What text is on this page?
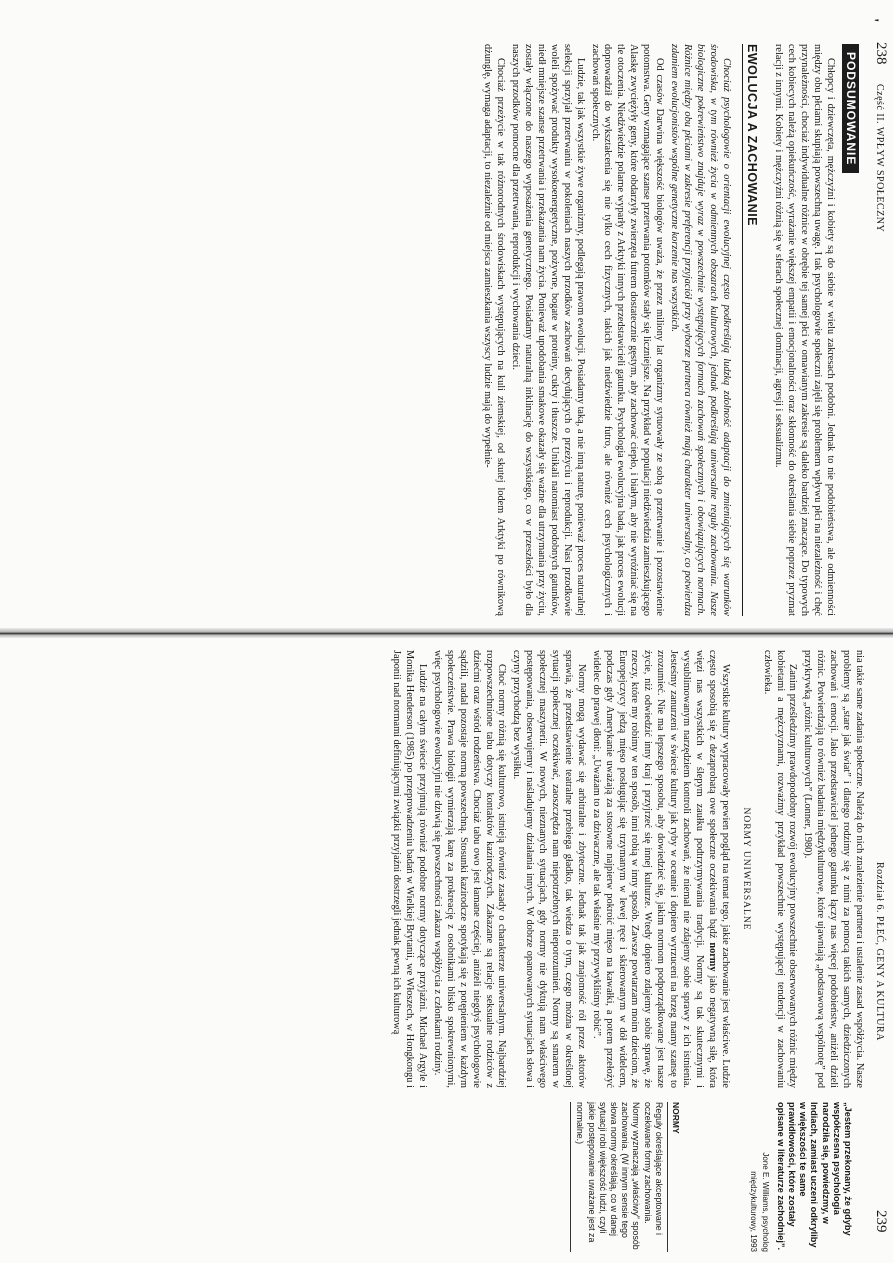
'
238
Część II. WPŁYW SPOŁECZNY
PODSUMOWANIE

Chłopcy i dziewczęta, mężczyźni i kobiety są do siebie w wielu zakresach podobni. Jednak to nie podobieństwa, ale odmienności między obu płciami skupiają powszechną uwagę. I tak psychologowie społeczni zajęli się problemem wpływu płci na niezależność i chęć przynależności, chociaż indywidualne różnice w obrębie tej samej płci w omawianym zakresie są daleko bardziej znaczące. Do typowych cech kobiecych należą opiekuńczość, wyrażanie większej empatii i emocjonalności oraz skłonność do określania siebie poprzez pryzmat relacji z innymi. Kobiety i mężczyźni różnią się w sferach społecznej dominacji, agresji i seksualizmu.

EWOLUCJA A ZACHOWANIE

Chociaż psychologowie o orientacji ewolucyjnej często podkreślają ludzką zdolność adaptacji do zmieniających się warunków środowiska, w tym również życia w odmiennych obszarach kulturowych, jednak podkreślają uniwersalne reguły zachowania. Nasze biologiczne pokrewieństwo znajduje wyraz w powszechnie występujących formach zachowań społecznych i obowiązujących normach. Różnice między obu płciami w zakresie preferencji przyjaciół przy wyborze partnera również mają charakter uniwersalny, co potwierdza zdaniem ewolucjonistów wspólne genetyczne korzenie nas wszystkich.

Od czasów Darwina większość biologów uważa, że przez miliony lat organizmy sytuowały ze sobą o przetrwanie i pozostawienie potomstwa. Geny wzmagające szanse przetrwania potomków stały się liczniejsze. Na przykład w populacji niedźwiedzia zamieszkującego Alaskę zwyciężyły geny, które obdarzyły zwierzęta futrem dostatecznie gęstym, aby zachować ciepło, i białym, aby nie wyróżniać się na tle otoczenia. Niedźwiedzie polarne wyparły z Arktyki innych przedstawicieli gatunku. Psychologia ewolucyjna bada, jak proces ewolucji doprowadził do wykształcenia się nie tylko cech fizycznych, takich jak niedźwiedzie futro, ale również cech psychologicznych i zachowań społecznych.

Ludzie, tak jak wszystkie żywe organizmy, podlegają prawom ewolucji. Posiadamy taką, a nie inną naturę, ponieważ proces naturalnej selekcji sprzyjał przetrwaniu w pokoleniach naszych przodków zachowań decydujących o przeżyciu i reprodukcji. Nasi przodkowie woleli spożywać produkty wysokoenergetyczne, pożywne, bogate w proteiny, cukry i tłuszcze. Unikali natomiast podobnych gatunków, niedł mniejsze szanse przetrwania i przekazania nam życia. Ponieważ upodobania smakowe okazały się ważne dla utrzymania przy życiu, zostały włączone do naszego wyposażenia genetycznego. Posiadamy naturalną inklinację do wszystkiego, co w przeszłości było dla naszych przodków pomocne dla przetrwania, reprodukcji i wychowania dzieci.

Chociaż przeżycie w tak różnorodnych środowiskach występujących na kuli ziemskiej, od skutej lodem Arktyki po równikową dżunglę, wymaga adaptacji, to niezależnie od miejsca zamieszkania wszyscy ludzie mają do wypełnie-

Rozdział 6. PŁEĆ, GENY A KULTURA
239

nia takie same zadania społeczne. Należą do nich znalezienie partnera i ustalenie zasad współżycia. Nasze problemy są „stare jak świat” i dlatego rodzimy się z nimi za pomocą takich samych, dziedziczonych zachowań i emocji. Jako przedstawiciel jednego gatunku łączy nas więcej podobieństw, aniżeli dzieli różnic. Potwierdzają to również badania międzykulturowe, które ujawniają „podstawową wspólnotę” pod przykrywką „różnic kulturowych” (Lonner, 1980).

Zanim prześledzimy prawdopodobny rozwój ewolucyjny powszechnie obserwowanych różnic między kobietami a mężczyznami, rozważmy przykład powszechnie występującej tendencji w zachowaniu człowieka.

NORMY UNIWERSALNE

Wszystkie kultury wypracowały pewien pogląd na temat tego, jakie zachowanie jest właściwe. Ludzie często sposobią się z dezaprobatą owe społeczne oczekiwania bądź normy jako negatywną siłę, która więzi nas wszystkich w ślepym zaułku podtrzymywania tradycji. Normy są tak skutecznymi i wysublimowanym narzędziem kontroli zachowań, że niemal nie zdajemy sobie sprawy z ich istnienia. Jesteśmy zanurzeni w świecie kultury jak ryby w oceanie i dopiero wyrzuceni na brzeg mamy szansę to zrozumieć. Nie ma lepszego sposobu, aby dowiedzieć się, jakim normom podporządkowane jest nasze życie, niż odwiedzić inny kraj i przyjrzeć się innej kulturze. Wtedy dopiero zdajemy sobie sprawę, że rzeczy, które my robimy w ten sposób, inni robią w inny sposób. Zawsze powtarzam moim dzieciom, że Europejczycy jedzą mięso posługując się trzymanym w lewej ręce i skierowanym w dół widelcem, podczas gdy Amerykanie uważają za stosowne najpierw pokroić mięso na kawałki, a potem przełożyć widelec do prawej dłoni: „Uważam to za dziwaczne, ale tak właśnie my przywykliśmy robić”.

Normy mogą wydawać się arbitralne i zbyteczne. Jednak tak jak znajomość ról przez aktorów sprawia, że przedstawienie teatralne przebiega gładko, tak wiedza o tym, czego można w określonej sytuacji społecznej oczekiwać, zaoszczędza nam niepotrzebnych nieporozumień. Normy są smarem w społecznej maszynerii. W nowych, nieznanych sytuacjach, gdy normy nie dyktują nam właściwego postępowania, obserwujemy i naśladujemy działania innych. W dobrze opanowanych sytuacjach słowa i czyny przychodzą bez wysiłku.

Choć normy różnią się kulturowo, istnieją również zasady o charakterze uniwersalnym. Najbardziej rozpowszechnione tabu dotyczy kontaktów kazirodczych. Zakazane są relacje seksualne rodziców z dziećmi oraz wśród rodzeństwa. Chociaż tabu owo jest łamane częściej, aniżeli niegdyś psychologowie sądzili, nadal pozostaje normą powszechną. Stosunki kazirodcze spotykają się z potępieniem w każdym społeczeństwie. Prawa biologii wymierzają karę za prokreację z osobnikami blisko spokrewnionymi, więc psychologowie ewolucyjni nie dziwią się powszechności zakazu współżycia z członkami rodziny.

Ludzie na całym świecie przyjmują również podobne normy dotyczące przyjaźni. Michael Argyle i Monika Henderson (1985) po przeprowadzeniu badań w Wielkiej Brytanii, we Włoszech, w Hongkongu i Japonii nad normami definiującymi związki przyjaźni dostrzegli jednak pewną ich kulturową

„Jestem przekonany, że gdyby współczesna psychologia narodziła się, powiedzmy, w Indiach, zamiast uczeni odkryliby w większości te same prawidłowości, które zostały opisane w literaturze zachodniej”.
Jone E. Williams, psycholog międzykulturowy, 1993
NORMY
Reguły określające akceptowane i oczekiwane formy zachowania. Normy wyznaczają „właściwy” sposób zachowania. (W innym sensie tego słowa normy określają, co w danej sytuacji robi większość ludzi, czyli jakie postępowanie uważane jest za normalne.)
